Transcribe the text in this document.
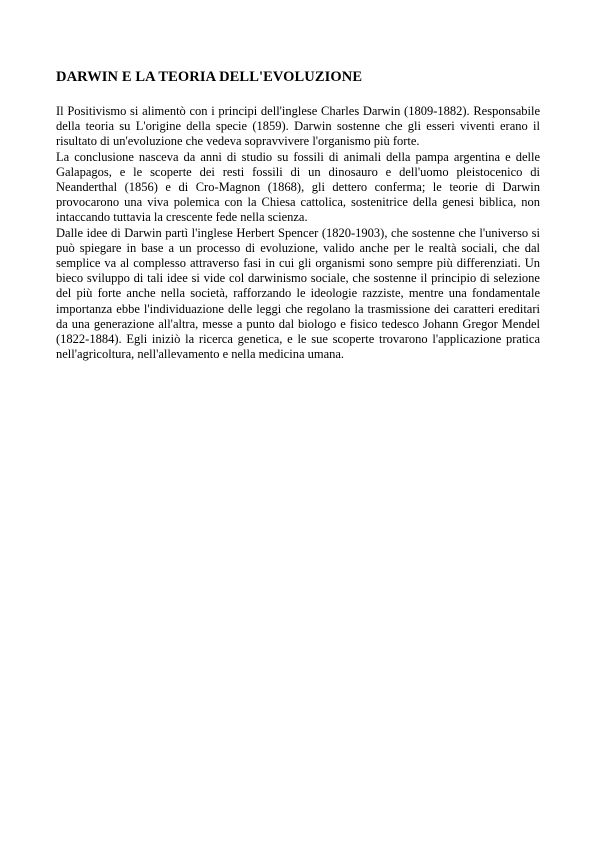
DARWIN E LA TEORIA DELL'EVOLUZIONE

Il Positivismo si alimentò con i principi dell'inglese Charles Darwin (1809-1882). Responsabile della teoria su L'origine della specie (1859). Darwin sostenne che gli esseri viventi erano il risultato di un'evoluzione che vedeva sopravvivere l'organismo più forte.

La conclusione nasceva da anni di studio su fossili di animali della pampa argentina e delle Galapagos, e le scoperte dei resti fossili di un dinosauro e dell'uomo pleistocenico di Neanderthal (1856) e di Cro-Magnon (1868), gli dettero conferma; le teorie di Darwin provocarono una viva polemica con la Chiesa cattolica, sostenitrice della genesi biblica, non intaccando tuttavia la crescente fede nella scienza.

Dalle idee di Darwin partì l'inglese Herbert Spencer (1820-1903), che sostenne che l'universo si può spiegare in base a un processo di evoluzione, valido anche per le realtà sociali, che dal semplice va al complesso attraverso fasi in cui gli organismi sono sempre più differenziati. Un bieco sviluppo di tali idee si vide col darwinismo sociale, che sostenne il principio di selezione del più forte anche nella società, rafforzando le ideologie razziste, mentre una fondamentale importanza ebbe l'individuazione delle leggi che regolano la trasmissione dei caratteri ereditari da una generazione all'altra, messe a punto dal biologo e fisico tedesco Johann Gregor Mendel (1822-1884). Egli iniziò la ricerca genetica, e le sue scoperte trovarono l'applicazione pratica nell'agricoltura, nell'allevamento e nella medicina umana.
